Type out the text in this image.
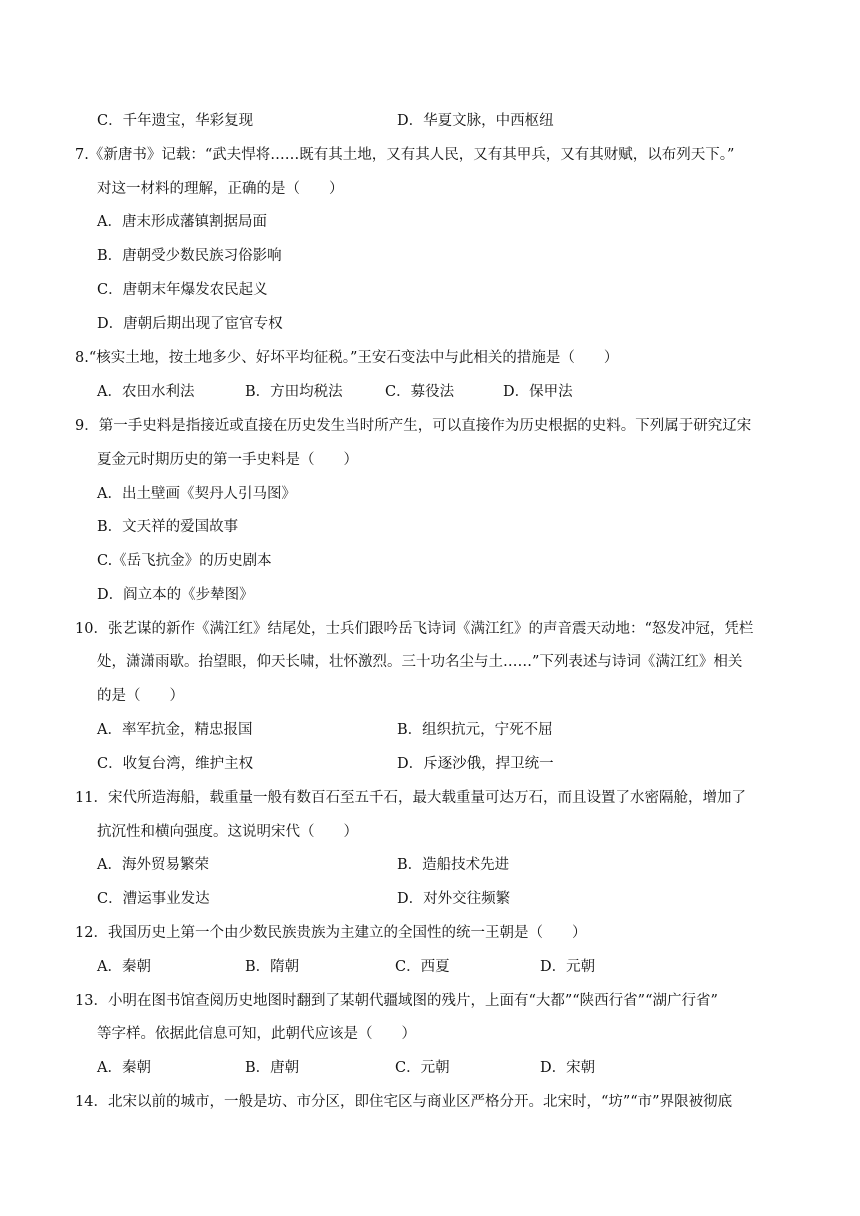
C．千年遗宝，华彩复现	D．华夏文脉，中西枢纽
7.《新唐书》记载：“武夫悍将……既有其土地，又有其人民，又有其甲兵，又有其财赋，以布列天下。”
对这一材料的理解，正确的是（　　）
A．唐末形成藩镇割据局面
B．唐朝受少数民族习俗影响
C．唐朝末年爆发农民起义
D．唐朝后期出现了宦官专权
8.“核实土地，按土地多少、好坏平均征税。”王安石变法中与此相关的措施是（　　）
A．农田水利法	B．方田均税法	C．募役法	D．保甲法
9．第一手史料是指接近或直接在历史发生当时所产生，可以直接作为历史根据的史料。下列属于研究辽宋
夏金元时期历史的第一手史料是（　　）
A．出土壁画《契丹人引马图》
B．文天祥的爱国故事
C.《岳飞抗金》的历史剧本
D．阎立本的《步辇图》
10．张艺谋的新作《满江红》结尾处，士兵们跟吟岳飞诗词《满江红》的声音震天动地：“怒发冲冠，凭栏
处，潇潇雨歇。抬望眼，仰天长啸，壮怀激烈。三十功名尘与土……”下列表述与诗词《满江红》相关
的是（　　）
A．率军抗金，精忠报国	B．组织抗元，宁死不屈
C．收复台湾，维护主权	D．斥逐沙俄，捍卫统一
11．宋代所造海船，载重量一般有数百石至五千石，最大载重量可达万石，而且设置了水密隔舱，增加了
抗沉性和横向强度。这说明宋代（　　）
A．海外贸易繁荣	B．造船技术先进
C．漕运事业发达	D．对外交往频繁
12．我国历史上第一个由少数民族贵族为主建立的全国性的统一王朝是（　　）
A．秦朝	B．隋朝	C．西夏	D．元朝
13．小明在图书馆查阅历史地图时翻到了某朝代疆域图的残片，上面有“大都”“陕西行省”“湖广行省”
等字样。依据此信息可知，此朝代应该是（　　）
A．秦朝	B．唐朝	C．元朝	D．宋朝
14．北宋以前的城市，一般是坊、市分区，即住宅区与商业区严格分开。北宋时，“坊”“市”界限被彻底
